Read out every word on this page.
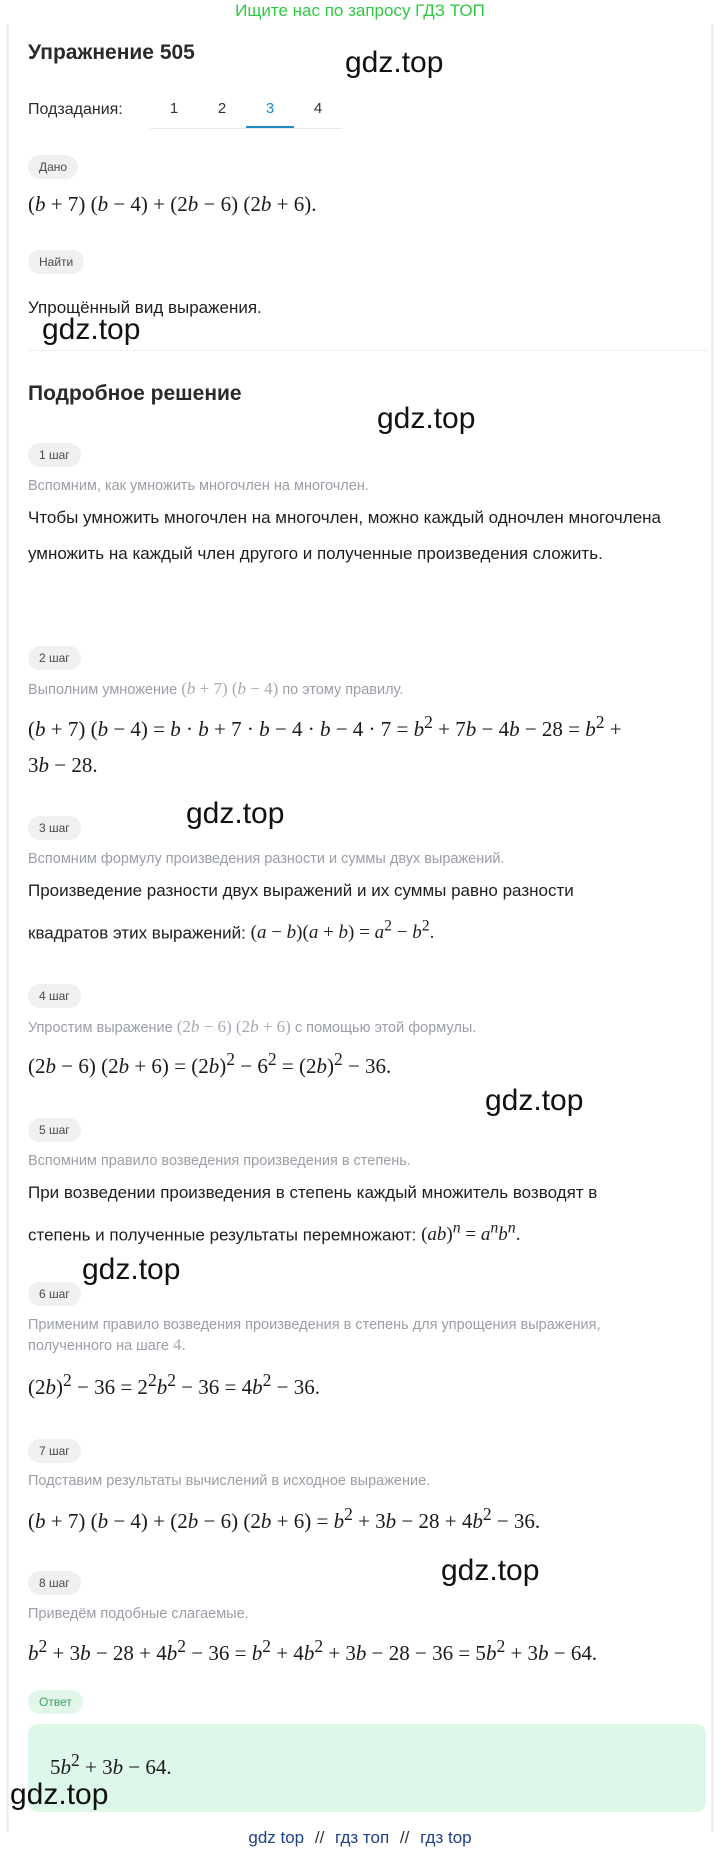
Ищите нас по запросу ГДЗ ТОП
Упражнение 505
Подзадания:	1	2	3	4
Дано
(b + 7) (b − 4) + (2b − 6) (2b + 6).
Найти
Упрощённый вид выражения.
Подробное решение
1 шаг
Вспомним, как умножить многочлен на многочлен.
Чтобы умножить многочлен на многочлен, можно каждый одночлен многочлена умножить на каждый член другого и полученные произведения сложить.
2 шаг
Выполним умножение (b + 7) (b − 4) по этому правилу.
(b + 7) $(b - 4) = b \cdot b + 7 \cdot b - 4 \cdot b - 4 \cdot 7 = b^2 + 7b - 4b - 28 = b^2$ +
3b − 28.
3 шаг
Вспомним формулу произведения разности и суммы двух выражений.
Произведение разности двух выражений и их суммы равно разности
квадратов этих выражений: $(a - b)(a + b) = a^2 - b^2$.
4 шаг
Упростим выражение (2b − 6) (2b + 6) с помощью этой формулы.
(2b − 6) $(2b + 6) = (2b)^2 - 6^2 = (2b)^2 - 36$.
5 шаг
Вспомним правило возведения произведения в степень.
При возведении произведения в степень каждый множитель возводят в
степень и полученные результаты перемножают: $(ab)^n = a^nb^n$.
6 шаг
Применим правило возведения произведения в степень для упрощения выражения,
полученного на шаге 4.
$(2b)^2 - 36 = 2^2b^2 - 36 = 4b^2 - 36$.
7 шаг
Подставим результаты вычислений в исходное выражение.
(b + 7) (b − 4) + (2b − 6) $(2b + 6) = b^2 + 3b - 28 + 4b^2 - 36$.
8 шаг
Приведём подобные слагаемые.
$b^2 + 3b - 28 + 4b^2 - 36 = b^2 + 4b^2 + 3b - 28 - 36 = 5b^2 + 3b - 64$.
Ответ
$5b^2 + 3b - 64$.
gdz.top
gdz.top
gdz.top
gdz.top
gdz.top
gdz.top
gdz.top
gdz.top
gdz top // гдз топ // гдз top
